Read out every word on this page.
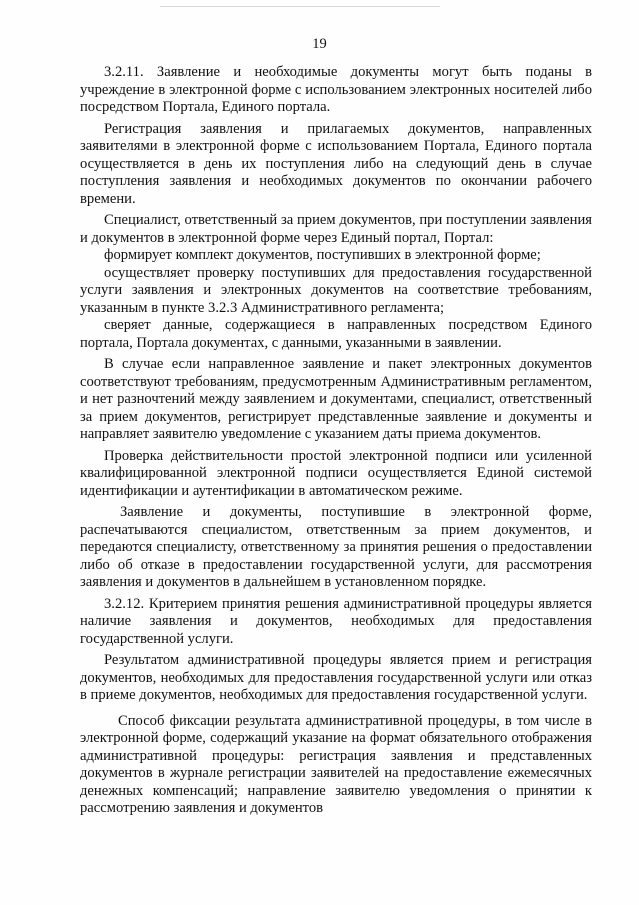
19

3.2.11. Заявление и необходимые документы могут быть поданы в учреждение в электронной форме с использованием электронных носителей либо посредством Портала, Единого портала.

Регистрация заявления и прилагаемых документов, направленных заявителями в электронной форме с использованием Портала, Единого портала осуществляется в день их поступления либо на следующий день в случае поступления заявления и необходимых документов по окончании рабочего времени.

Специалист, ответственный за прием документов, при поступлении заявления и документов в электронной форме через Единый портал, Портал:

формирует комплект документов, поступивших в электронной форме;

осуществляет проверку поступивших для предоставления государственной услуги заявления и электронных документов на соответствие требованиям, указанным в пункте 3.2.3 Административного регламента;

сверяет данные, содержащиеся в направленных посредством Единого портала, Портала документах, с данными, указанными в заявлении.

В случае если направленное заявление и пакет электронных документов соответствуют требованиям, предусмотренным Административным регламентом, и нет разночтений между заявлением и документами, специалист, ответственный за прием документов, регистрирует представленные заявление и документы и направляет заявителю уведомление с указанием даты приема документов.

Проверка действительности простой электронной подписи или усиленной квалифицированной электронной подписи осуществляется Единой системой идентификации и аутентификации в автоматическом режиме.

Заявление и документы, поступившие в электронной форме, распечатываются специалистом, ответственным за прием документов, и передаются специалисту, ответственному за принятия решения о предоставлении либо об отказе в предоставлении государственной услуги, для рассмотрения заявления и документов в дальнейшем в установленном порядке.

3.2.12. Критерием принятия решения административной процедуры является наличие заявления и документов, необходимых для предоставления государственной услуги.

Результатом административной процедуры является прием и регистрация документов, необходимых для предоставления государственной услуги или отказ в приеме документов, необходимых для предоставления государственной услуги.

Способ фиксации результата административной процедуры, в том числе в электронной форме, содержащий указание на формат обязательного отображения административной процедуры: регистрация заявления и представленных документов в журнале регистрации заявителей на предоставление ежемесячных денежных компенсаций; направление заявителю уведомления о принятии к рассмотрению заявления и документов
